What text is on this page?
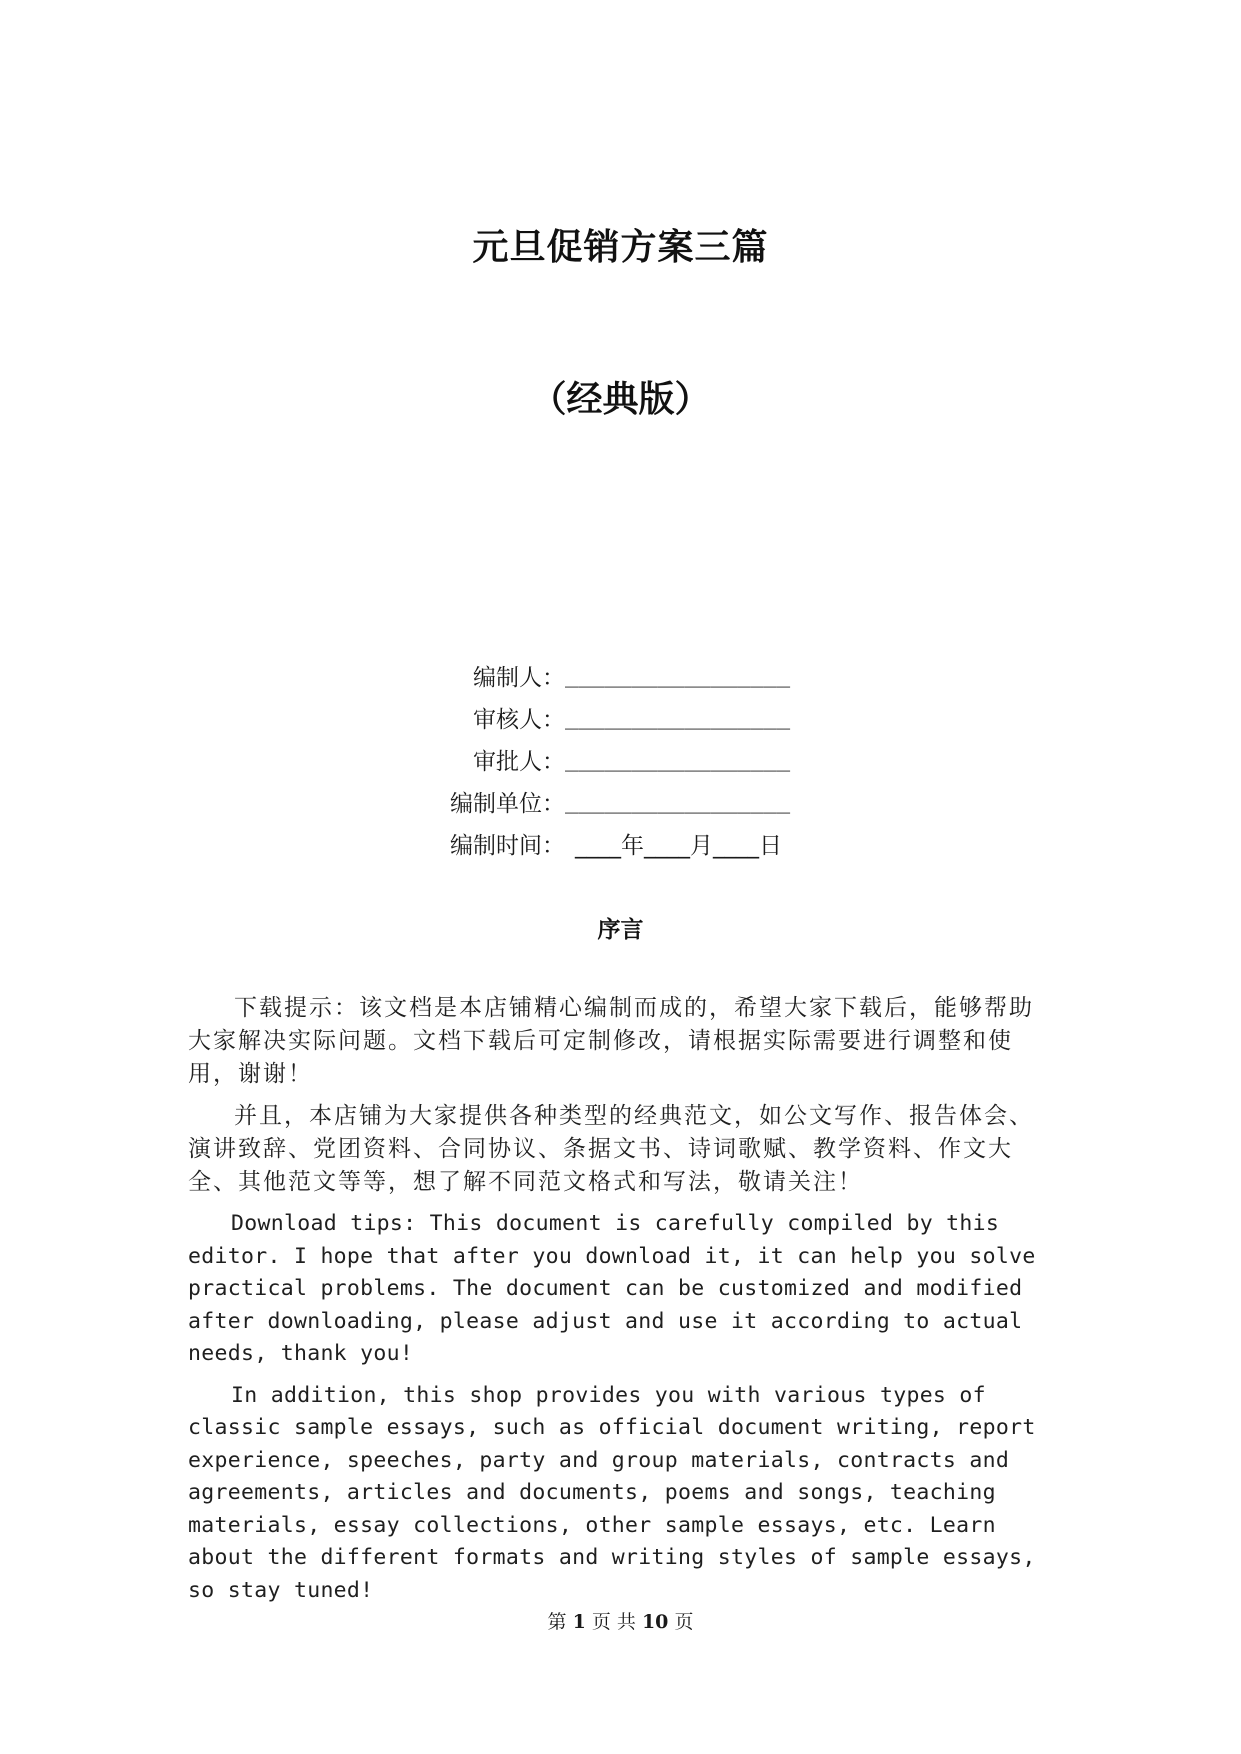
元旦促销方案三篇
（经典版）
编制人： _________________
审核人： _________________
审批人： _________________
编制单位： _________________
编制时间： ____年____月____日
序言

下载提示：该文档是本店铺精心编制而成的，希望大家下载后，能够帮助大家解决实际问题。文档下载后可定制修改，请根据实际需要进行调整和使用，谢谢！

并且，本店铺为大家提供各种类型的经典范文，如公文写作、报告体会、演讲致辞、党团资料、合同协议、条据文书、诗词歌赋、教学资料、作文大全、其他范文等等，想了解不同范文格式和写法，敬请关注！

Download tips: This document is carefully compiled by this editor. I hope that after you download it, it can help you solve practical problems. The document can be customized and modified after downloading, please adjust and use it according to actual needs, thank you!

In addition, this shop provides you with various types of classic sample essays, such as official document writing, report experience, speeches, party and group materials, contracts and agreements, articles and documents, poems and songs, teaching materials, essay collections, other sample essays, etc. Learn about the different formats and writing styles of sample essays, so stay tuned!

第 1 页 共 10 页
